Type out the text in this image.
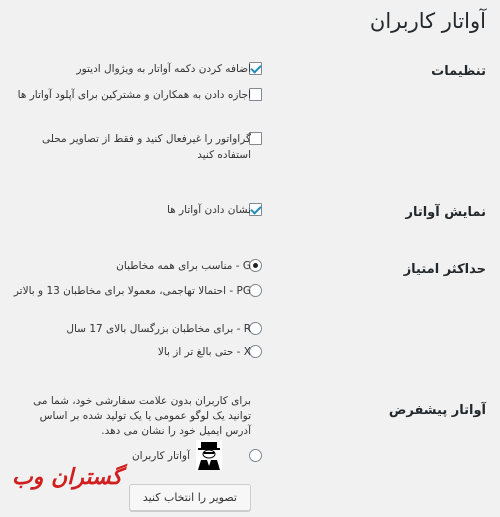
آواتار کاربران
تنظیمات
اضافه کردن دکمه آواتار به ویژوال ادیتور
اجازه دادن به همکاران و مشترکین برای آپلود آواتار ها
گراواتور را غیرفعال کنید و فقط از تصاویر محلی استفاده کنید
نمایش آواتار
نشان دادن آواتار ها
حداکثر امتیاز
G - مناسب برای همه مخاطبان
PG - احتمالا تهاجمی، معمولا برای مخاطبان 13 و بالاتر
R - برای مخاطبان بزرگسال بالای 17 سال
X - حتی بالغ تر از بالا
آواتار پیشفرض
برای کاربران بدون علامت سفارشی خود، شما می توانید یک لوگو عمومی یا یک تولید شده بر اساس آدرس ایمیل خود را نشان می دهد.
آواتار کاربران
تصویر را انتخاب کنید
گستران وب
